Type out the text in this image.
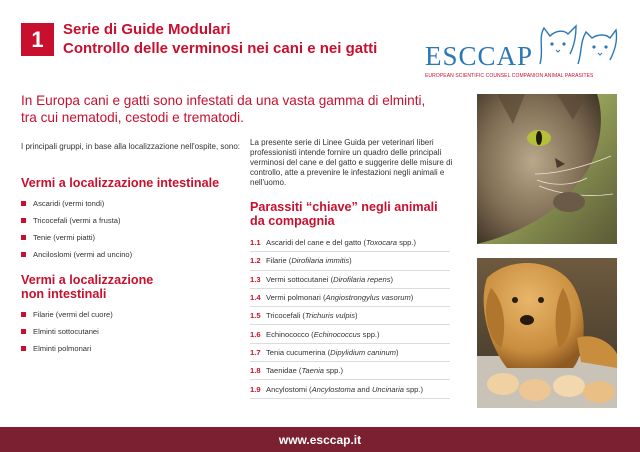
1	Serie di Guide Modulari
Controllo delle verminosi nei cani e nei gatti ESCCAP
EUROPEAN SCIENTIFIC COUNSEL COMPANION ANIMAL PARASITES
In Europa cani e gatti sono infestati da una vasta gamma di elminti,
tra cui nematodi, cestodi e trematodi.

I principali gruppi, in base alla localizzazione nell'ospite, sono:

Vermi a localizzazione intestinale
Ascaridi (vermi tondi)
Tricocefali (vermi a frusta)
Tenie (vermi piatti)
Anciloslomi (vermi ad uncino)
Vermi a localizzazione
non intestinali
Filarie (vermi del cuore)
Elminti sottocutanei
Elminti polmonari

La presente serie di Linee Guida per veterinari liberi professionisti intende fornire un quadro delle principali verminosi del cane e del gatto e suggerire delle misure di controllo, atte a prevenire le infestazioni negli animali e nell'uomo.

Parassiti “chiave” negli animali
da compagnia
1.1 Ascaridi del cane e del gatto (Toxocara spp.)
1.2 Filarie (Dirofilaria immitis)
1.3 Vermi sottocutanei (Dirofilaria repens)
1.4 Vermi polmonari (Angiostrongylus vasorum)
1.5 Tricocefali (Trichuris vulpis)
1.6 Echinococco (Echinococcus spp.)
1.7 Tenia cucumerina (Dipylidium caninum)
1.8 Taenidae (Taenia spp.)
1.9 Ancylostomi (Ancylostoma and Uncinaria spp.)
www.esccap.it
